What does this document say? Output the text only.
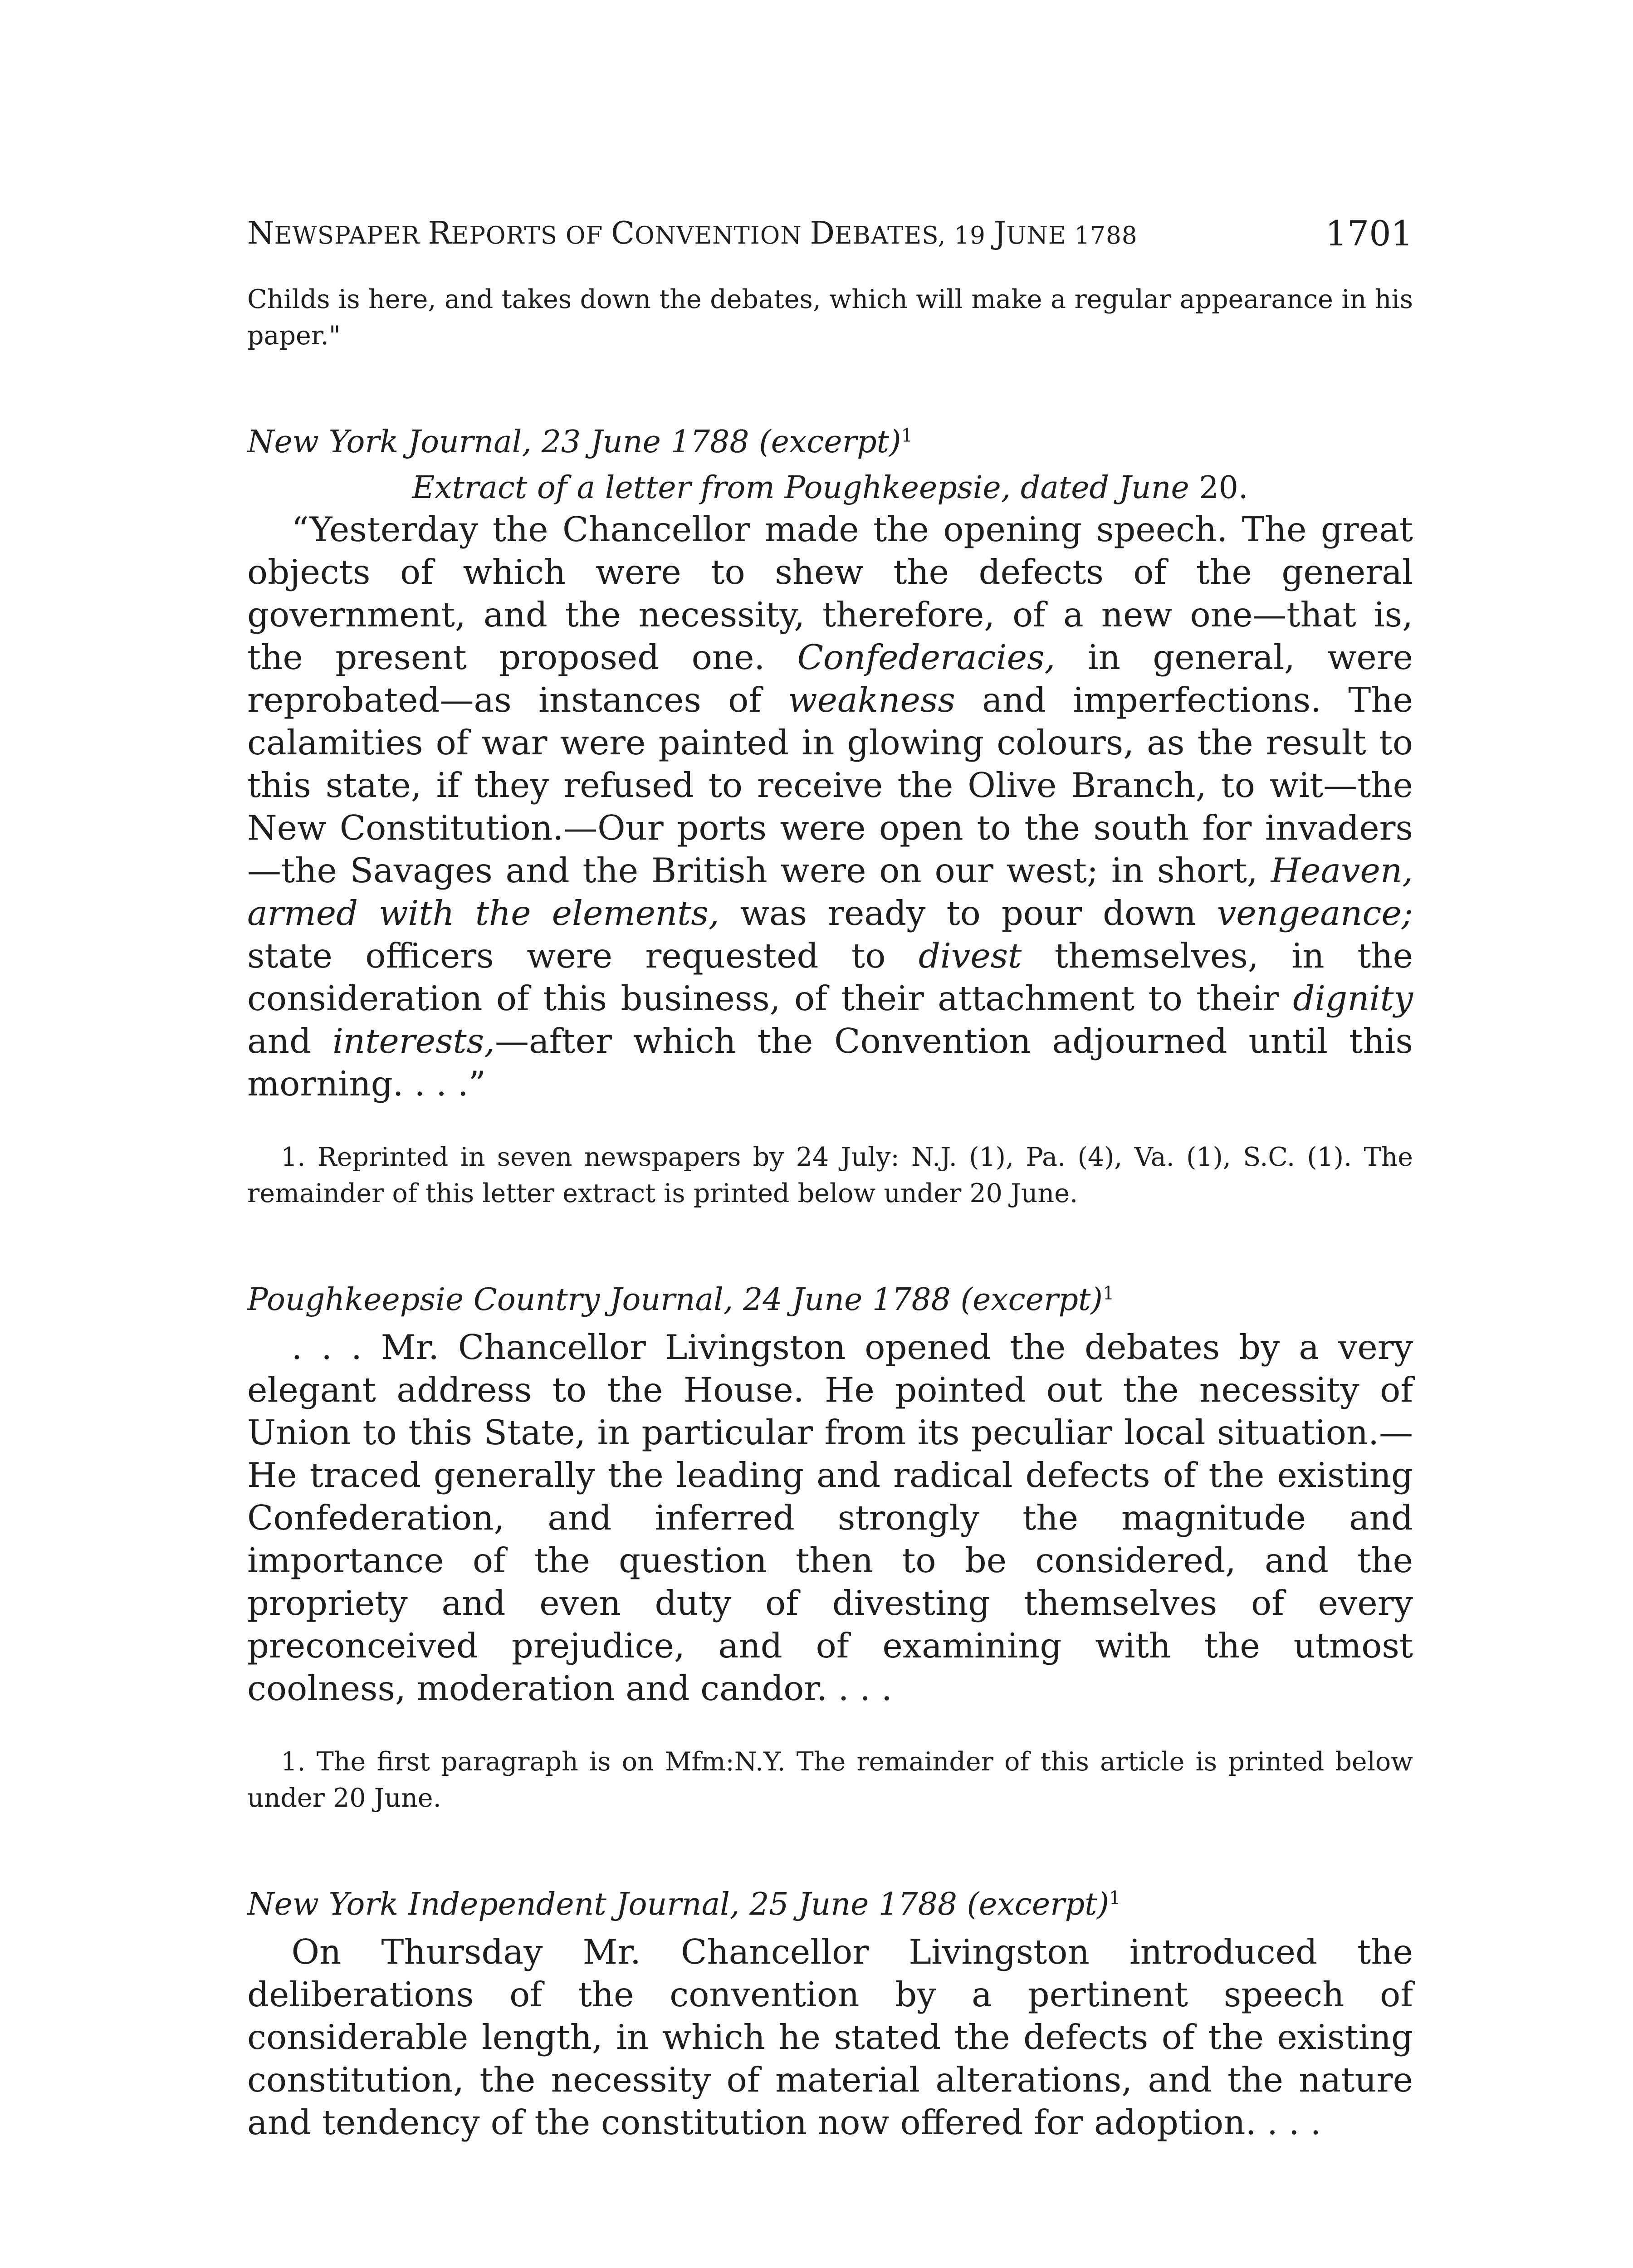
NEWSPAPER REPORTS OF CONVENTION DEBATES, 19 JUNE 1788	1701

Childs is here, and takes down the debates, which will make a regular appearance in his paper."

New York Journal, 23 June 1788 (excerpt)$^1$
Extract of a letter from Poughkeepsie, dated June 20.

“Yesterday the Chancellor made the opening speech. The great objects of which were to shew the defects of the general government, and the necessity, therefore, of a new one—that is, the present proposed one. Confederacies, in general, were reprobated—as instances of weakness and imperfections. The calamities of war were painted in glowing colours, as the result to this state, if they refused to receive the Olive Branch, to wit—the New Constitution.—Our ports were open to the south for invaders—the Savages and the British were on our west; in short, Heaven, armed with the elements, was ready to pour down vengeance; state officers were requested to divest themselves, in the consideration of this business, of their attachment to their dignity and interests,—after which the Convention adjourned until this morning. . . .”

1. Reprinted in seven newspapers by 24 July: N.J. (1), Pa. (4), Va. (1), S.C. (1). The remainder of this letter extract is printed below under 20 June.

Poughkeepsie Country Journal, 24 June 1788 (excerpt)$^1$

. . . Mr. Chancellor Livingston opened the debates by a very elegant address to the House. He pointed out the necessity of Union to this State, in particular from its peculiar local situation.—He traced generally the leading and radical defects of the existing Confederation, and inferred strongly the magnitude and importance of the question then to be considered, and the propriety and even duty of divesting themselves of every preconceived prejudice, and of examining with the utmost coolness, moderation and candor. . . .

1. The first paragraph is on Mfm:N.Y. The remainder of this article is printed below under 20 June.

New York Independent Journal, 25 June 1788 (excerpt)$^1$

On Thursday Mr. Chancellor Livingston introduced the deliberations of the convention by a pertinent speech of considerable length, in which he stated the defects of the existing constitution, the necessity of material alterations, and the nature and tendency of the constitution now offered for adoption. . . .
